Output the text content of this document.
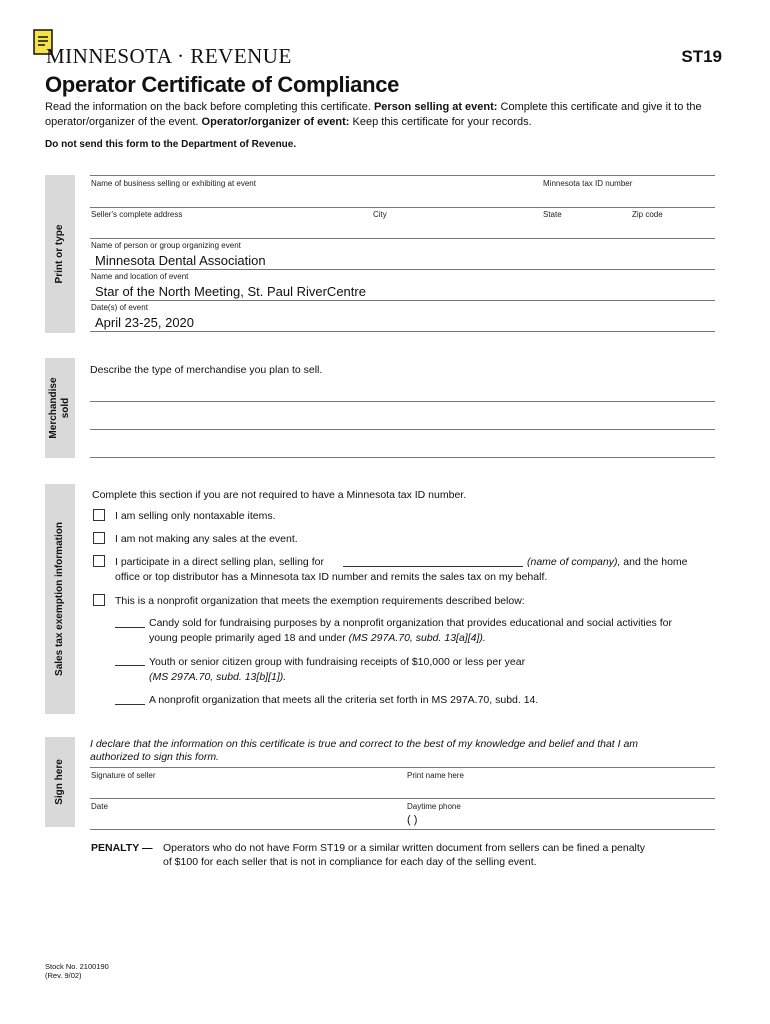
MINNESOTA · REVENUE	ST19
Operator Certificate of Compliance
Read the information on the back before completing this certificate. Person selling at event: Complete this certificate and give it to the operator/organizer of the event. Operator/organizer of event: Keep this certificate for your records.
Do not send this form to the Department of Revenue.
Print or type
Merchandise sold
Sales tax exemption information
Sign here
Name of business selling or exhibiting at event	Minnesota tax ID number
Seller's complete address	City	State	Zip code
Name of person or group organizing event
Minnesota Dental Association
Name and location of event
Star of the North Meeting, St. Paul RiverCentre
Date(s) of event
April 23-25, 2020
Describe the type of merchandise you plan to sell.
Complete this section if you are not required to have a Minnesota tax ID number.
I am selling only nontaxable items.
I am not making any sales at the event.
I participate in a direct selling plan, selling for	(name of company), and the home
office or top distributor has a Minnesota tax ID number and remits the sales tax on my behalf.
This is a nonprofit organization that meets the exemption requirements described below:
Candy sold for fundraising purposes by a nonprofit organization that provides educational and social activities for
young people primarily aged 18 and under (MS 297A.70, subd. 13[a][4]).
Youth or senior citizen group with fundraising receipts of $10,000 or less per year
(MS 297A.70, subd. 13[b][1]).
A nonprofit organization that meets all the criteria set forth in MS 297A.70, subd. 14.
I declare that the information on this certificate is true and correct to the best of my knowledge and belief and that I am
authorized to sign this form.
Signature of seller	Print name here
Date	Daytime phone
( )
PENALTY — Operators who do not have Form ST19 or a similar written document from sellers can be fined a penalty
of $100 for each seller that is not in compliance for each day of the selling event.
Stock No. 2100190
(Rev. 9/02)
